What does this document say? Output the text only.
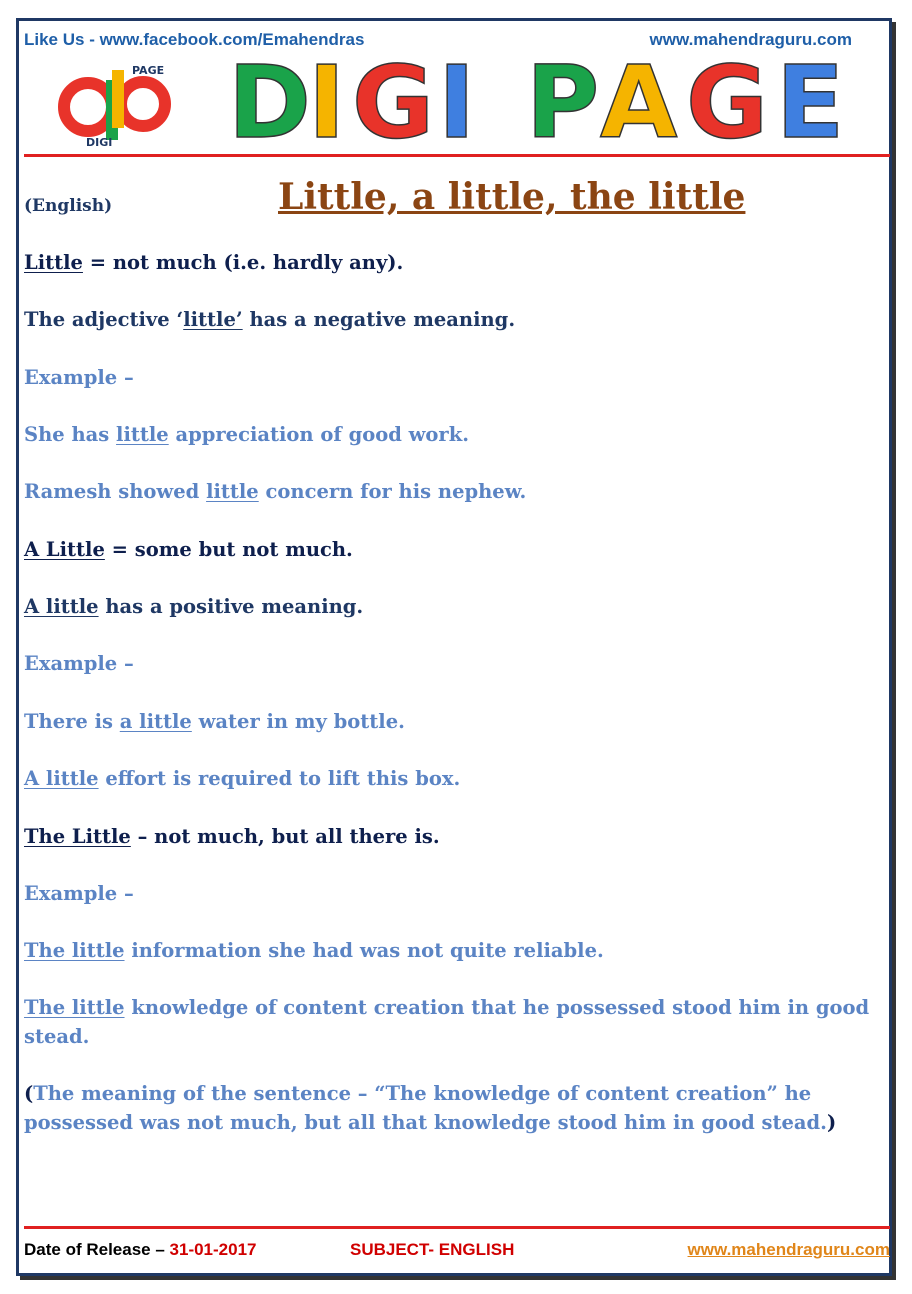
Like Us - www.facebook.com/Emahendras	www.mahendraguru.com
PAGE
DIGI D
I G I P A G E
(English)	Little, a little, the little
Little = not much (i.e. hardly any).
The adjective ‘little’ has a negative meaning.
Example –
She has little appreciation of good work.
Ramesh showed little concern for his nephew.
A Little = some but not much.
A little has a positive meaning.
Example –
There is a little water in my bottle.
A little effort is required to lift this box.
The Little – not much, but all there is.
Example –
The little information she had was not quite reliable.
The little knowledge of content creation that he possessed stood him in good stead.
(The meaning of the sentence – “The knowledge of content creation” he possessed was not much, but all that knowledge stood him in good stead.)
Date of Release – 31-01-2017	SUBJECT- ENGLISH	www.mahendraguru.com
